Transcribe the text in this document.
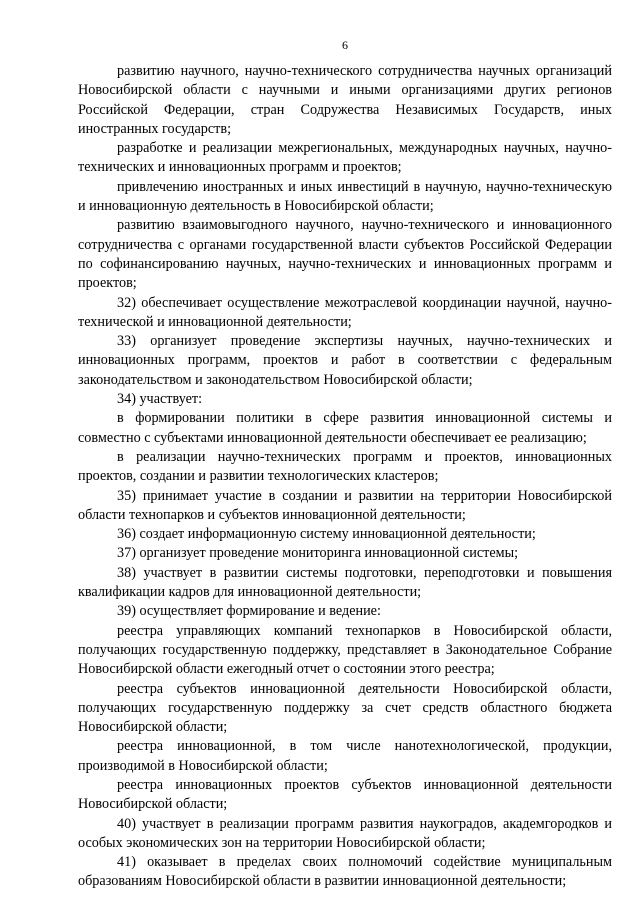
6

развитию научного, научно-технического сотрудничества научных организаций Новосибирской области с научными и иными организациями других регионов Российской Федерации, стран Содружества Независимых Государств, иных иностранных государств;

разработке и реализации межрегиональных, международных научных, научно-технических и инновационных программ и проектов;

привлечению иностранных и иных инвестиций в научную, научно-техническую и инновационную деятельность в Новосибирской области;

развитию взаимовыгодного научного, научно-технического и инновационного сотрудничества с органами государственной власти субъектов Российской Федерации по софинансированию научных, научно-технических и инновационных программ и проектов;

32) обеспечивает осуществление межотраслевой координации научной, научно-технической и инновационной деятельности;

33) организует проведение экспертизы научных, научно-технических и инновационных программ, проектов и работ в соответствии с федеральным законодательством и законодательством Новосибирской области;

34) участвует:

в формировании политики в сфере развития инновационной системы и совместно с субъектами инновационной деятельности обеспечивает ее реализацию;

в реализации научно-технических программ и проектов, инновационных проектов, создании и развитии технологических кластеров;

35) принимает участие в создании и развитии на территории Новосибирской области технопарков и субъектов инновационной деятельности;

36) создает информационную систему инновационной деятельности;

37) организует проведение мониторинга инновационной системы;

38) участвует в развитии системы подготовки, переподготовки и повышения квалификации кадров для инновационной деятельности;

39) осуществляет формирование и ведение:

реестра управляющих компаний технопарков в Новосибирской области, получающих государственную поддержку, представляет в Законодательное Собрание Новосибирской области ежегодный отчет о состоянии этого реестра;

реестра субъектов инновационной деятельности Новосибирской области, получающих государственную поддержку за счет средств областного бюджета Новосибирской области;

реестра инновационной, в том числе нанотехнологической, продукции, производимой в Новосибирской области;

реестра инновационных проектов субъектов инновационной деятельности Новосибирской области;

40) участвует в реализации программ развития наукоградов, академгородков и особых экономических зон на территории Новосибирской области;

41) оказывает в пределах своих полномочий содействие муниципальным образованиям Новосибирской области в развитии инновационной деятельности;
